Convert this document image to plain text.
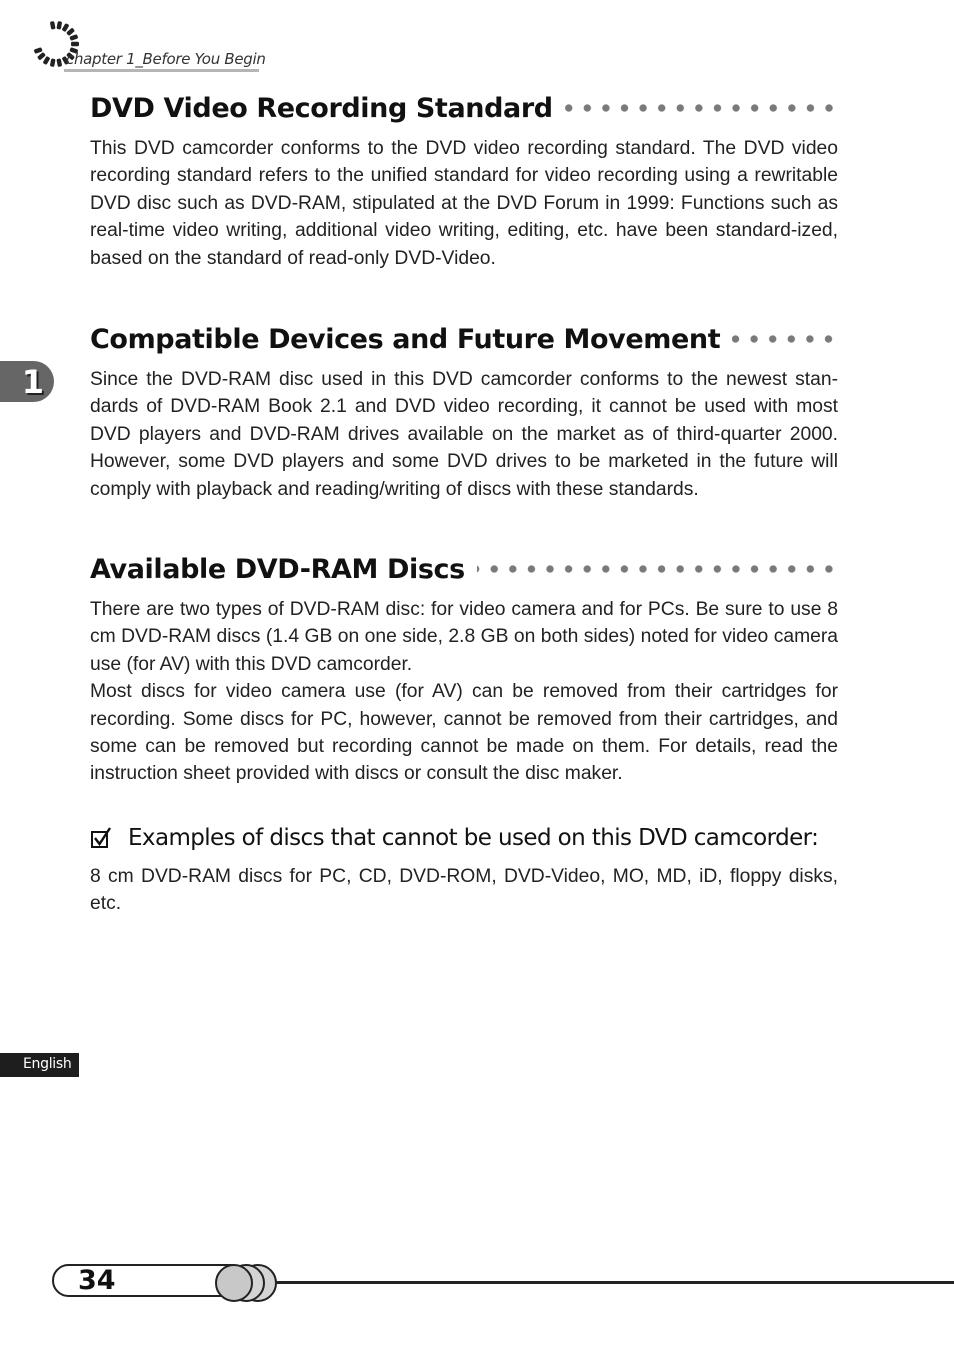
chapter 1_Before You Begin
1
DVD Video Recording Standard

This DVD camcorder conforms to the DVD video recording standard. The DVD video recording standard refers to the unified standard for video recording using a rewritable DVD disc such as DVD-RAM, stipulated at the DVD Forum in 1999: Functions such as real-time video writing, additional video writing, editing, etc. have been standard-ized, based on the standard of read-only DVD-Video.

Compatible Devices and Future Movement

Since the DVD-RAM disc used in this DVD camcorder conforms to the newest stan-dards of DVD-RAM Book 2.1 and DVD video recording, it cannot be used with most DVD players and DVD-RAM drives available on the market as of third-quarter 2000. However, some DVD players and some DVD drives to be marketed in the future will comply with playback and reading/writing of discs with these standards.

Available DVD-RAM Discs

There are two types of DVD-RAM disc: for video camera and for PCs. Be sure to use 8 cm DVD-RAM discs (1.4 GB on one side, 2.8 GB on both sides) noted for video camera use (for AV) with this DVD camcorder.

Most discs for video camera use (for AV) can be removed from their cartridges for recording. Some discs for PC, however, cannot be removed from their cartridges, and some can be removed but recording cannot be made on them. For details, read the instruction sheet provided with discs or consult the disc maker.

Examples of discs that cannot be used on this DVD camcorder:

8 cm DVD-RAM discs for PC, CD, DVD-ROM, DVD-Video, MO, MD, iD, floppy disks, etc.

English
34
